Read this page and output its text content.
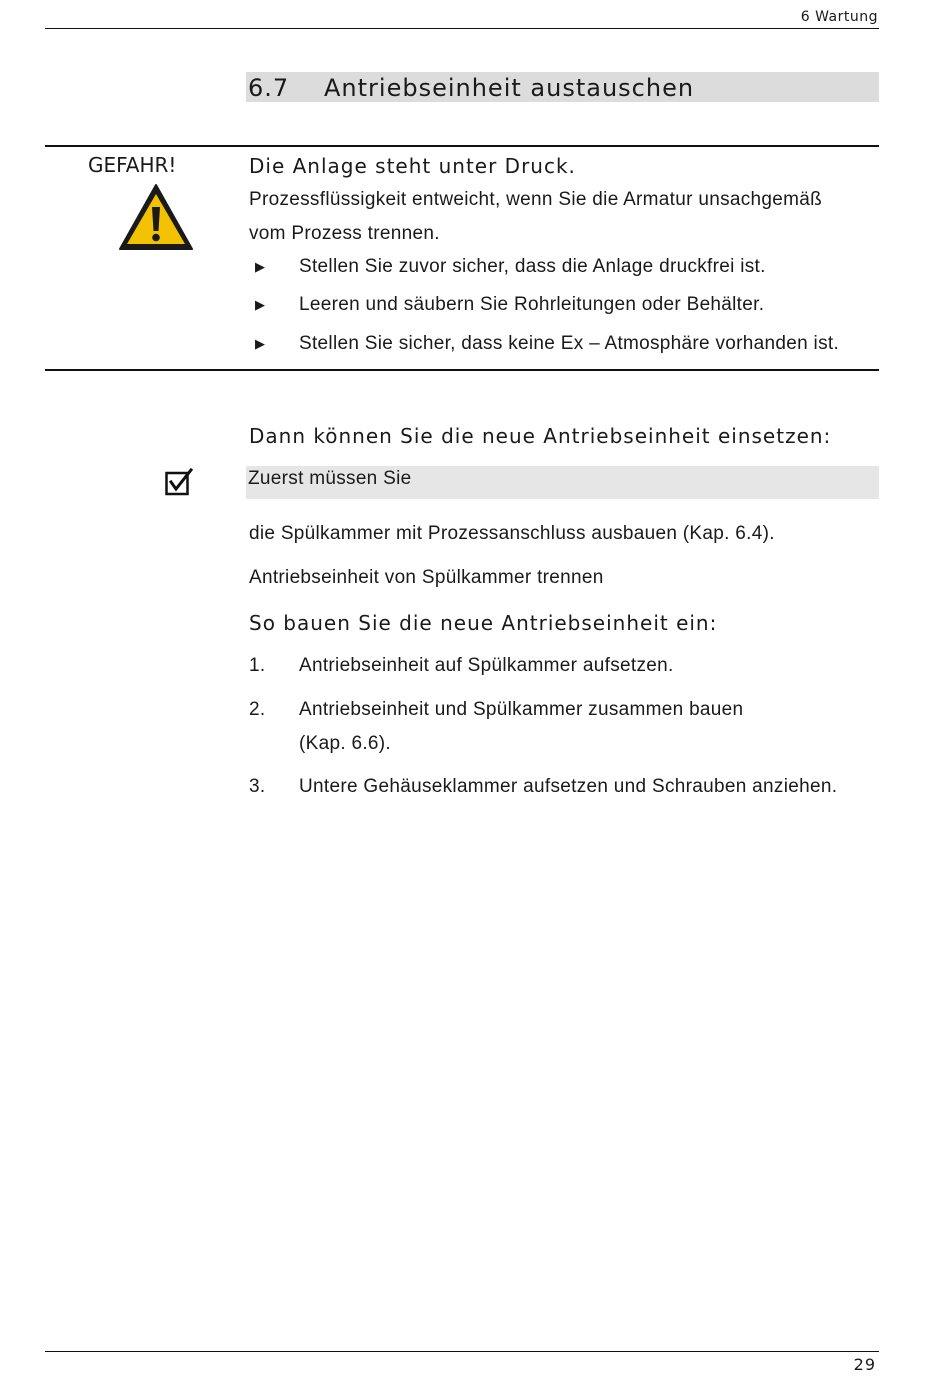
6 Wartung
6.7 Antriebseinheit austauschen
GEFAHR!	Die Anlage steht unter Druck.
Prozessflüssigkeit entweicht, wenn Sie die Armatur unsachgemäß
vom Prozess trennen.
▶ Stellen Sie zuvor sicher, dass die Anlage druckfrei ist.
▶ Leeren und säubern Sie Rohrleitungen oder Behälter.
▶ Stellen Sie sicher, dass keine Ex – Atmosphäre vorhanden ist.
Dann können Sie die neue Antriebseinheit einsetzen:
Zuerst müssen Sie
die Spülkammer mit Prozessanschluss ausbauen (Kap. 6.4).
Antriebseinheit von Spülkammer trennen
So bauen Sie die neue Antriebseinheit ein:
1. Antriebseinheit auf Spülkammer aufsetzen.
2. Antriebseinheit und Spülkammer zusammen bauen
(Kap. 6.6).
3. Untere Gehäuseklammer aufsetzen und Schrauben anziehen.
29
